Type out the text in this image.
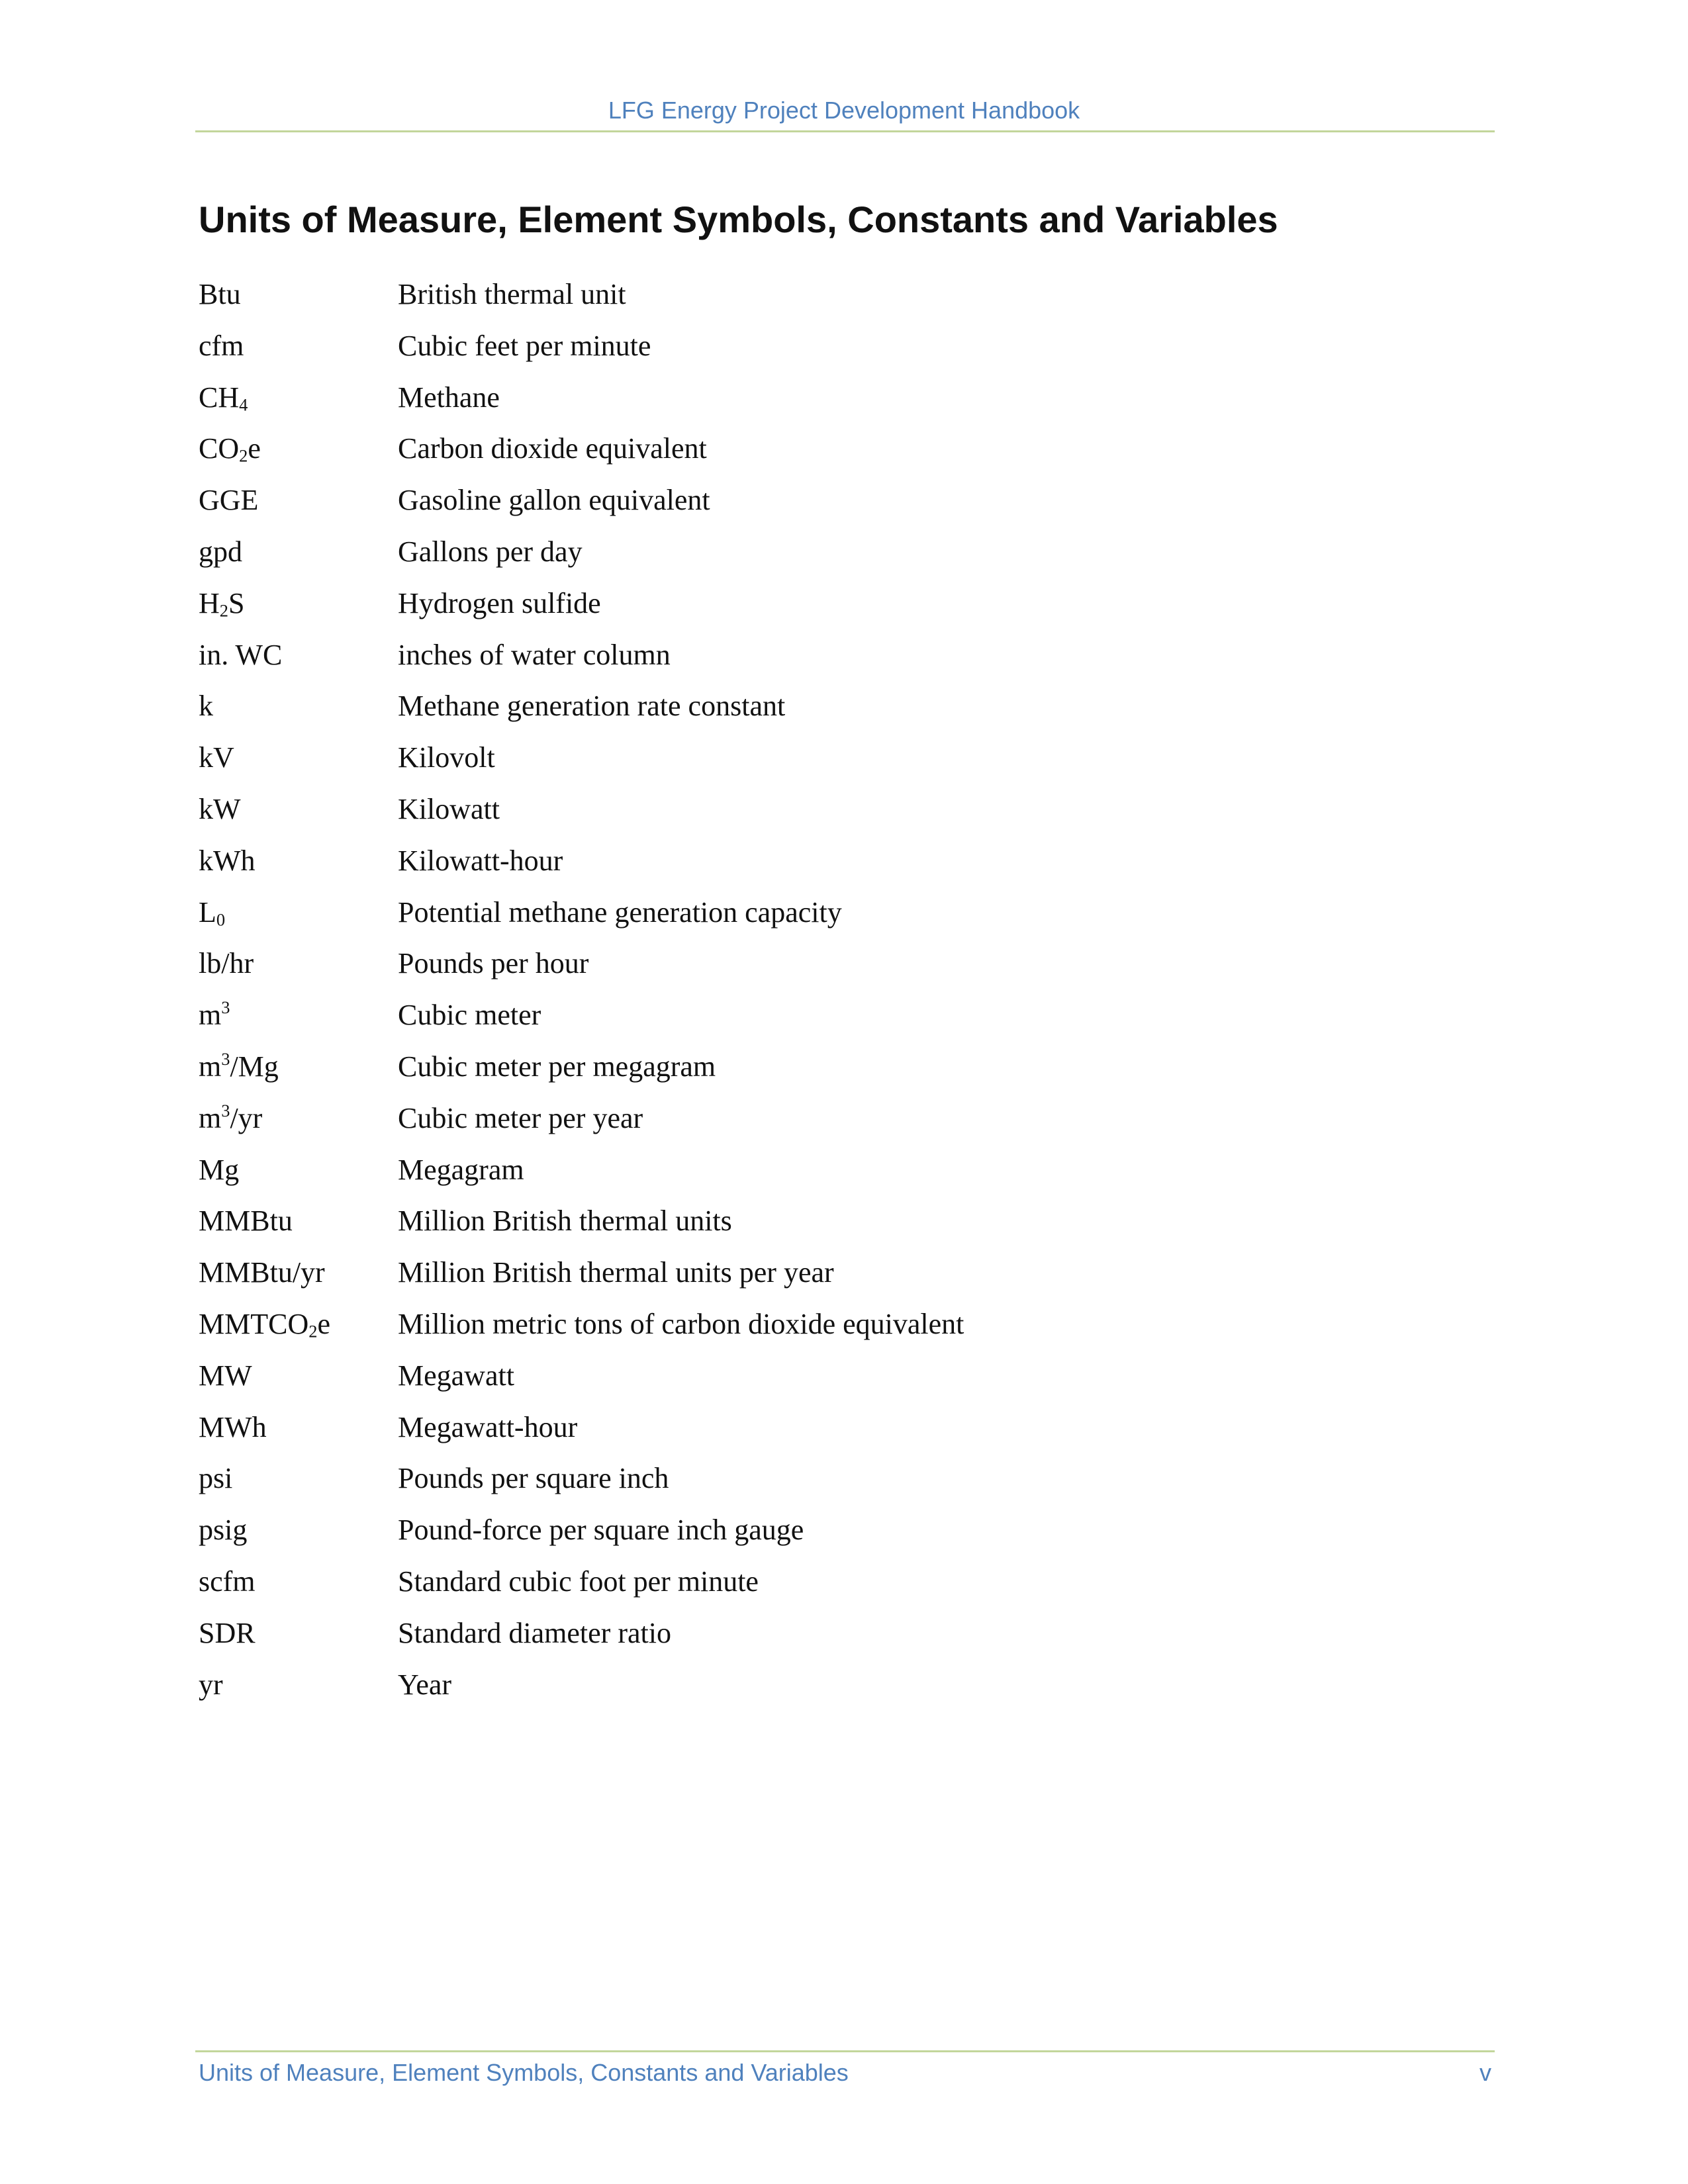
LFG Energy Project Development Handbook
Units of Measure, Element Symbols, Constants and Variables
Btu	British thermal unit
cfm	Cubic feet per minute
$CH_4$	Methane
$CO_2e$	Carbon dioxide equivalent
GGE	Gasoline gallon equivalent
gpd	Gallons per day
$H_2S$	Hydrogen sulfide
in. WC	inches of water column
k	Methane generation rate constant
kV	Kilovolt
kW	Kilowatt
kWh	Kilowatt-hour
$L_0$	Potential methane generation capacity
lb/hr	Pounds per hour
$m^3$	Cubic meter
$m^3/Mg$	Cubic meter per megagram
$m^3/yr$	Cubic meter per year
Mg	Megagram
MMBtu	Million British thermal units
MMBtu/yr	Million British thermal units per year
$MMTCO_2e$	Million metric tons of carbon dioxide equivalent
MW	Megawatt
MWh	Megawatt-hour
psi	Pounds per square inch
psig	Pound-force per square inch gauge
scfm	Standard cubic foot per minute
SDR	Standard diameter ratio
yr	Year
Units of Measure, Element Symbols, Constants and Variables	v
